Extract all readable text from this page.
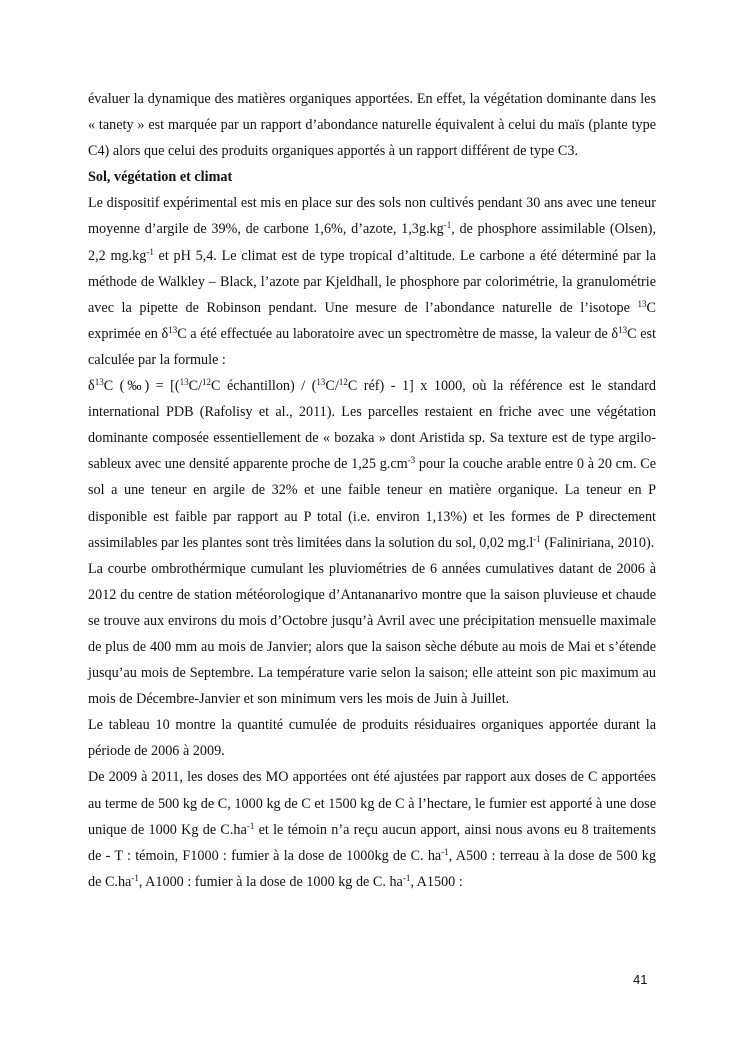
évaluer la dynamique des matières organiques apportées. En effet, la végétation dominante dans les « tanety » est marquée par un rapport d’abondance naturelle équivalent à celui du maïs (plante type C4) alors que celui des produits organiques apportés à un rapport différent de type C3.

Sol, végétation et climat

Le dispositif expérimental est mis en place sur des sols non cultivés pendant 30 ans avec une teneur moyenne d’argile de 39%, de carbone 1,6%, d’azote, $1,3g.kg^{-1}$, de phosphore assimilable (Olsen), 2,2 $mg.kg^{-1}$ et pH 5,4. Le climat est de type tropical d’altitude. Le carbone a été déterminé par la méthode de Walkley – Black, l’azote par Kjeldhall, le phosphore par colorimétrie, la granulométrie avec la pipette de Robinson pendant. Une mesure de l’abondance naturelle de l’isotope $^{13}$C exprimée en $\delta^{13}C$ a été effectuée au laboratoire avec un spectromètre de masse, la valeur de $\delta^{13}C$ est calculée par la formule :

$\delta^{13}C$ (‰) = [($^{13}$C/$^{12}$C échantillon) / ($^{13}$C/$^{12}$C réf) - 1] x 1000, où la référence est le standard international PDB (Rafolisy et al., 2011). Les parcelles restaient en friche avec une végétation dominante composée essentiellement de « bozaka » dont Aristida sp. Sa texture est de type argilo-sableux avec une densité apparente proche de 1,25 $g.cm^{-3}$ pour la couche arable entre 0 à 20 cm. Ce sol a une teneur en argile de 32% et une faible teneur en matière organique. La teneur en P disponible est faible par rapport au P total (i.e. environ 1,13%) et les formes de P directement assimilables par les plantes sont très limitées dans la solution du sol, 0,02 $mg.l^{-1}$ (Faliniriana, 2010).

La courbe ombrothérmique cumulant les pluviométries de 6 années cumulatives datant de 2006 à 2012 du centre de station météorologique d’Antananarivo montre que la saison pluvieuse et chaude se trouve aux environs du mois d’Octobre jusqu’à Avril avec une précipitation mensuelle maximale de plus de 400 mm au mois de Janvier; alors que la saison sèche débute au mois de Mai et s’étende jusqu’au mois de Septembre. La température varie selon la saison; elle atteint son pic maximum au mois de Décembre-Janvier et son minimum vers les mois de Juin à Juillet.

Le tableau 10 montre la quantité cumulée de produits résiduaires organiques apportée durant la période de 2006 à 2009.

De 2009 à 2011, les doses des MO apportées ont été ajustées par rapport aux doses de C apportées au terme de 500 kg de C, 1000 kg de C et 1500 kg de C à l’hectare, le fumier est apporté à une dose unique de 1000 Kg de $C.ha^{-1}$ et le témoin n’a reçu aucun apport, ainsi nous avons eu 8 traitements de - T : témoin, F1000 : fumier à la dose de 1000kg de C. $ha^{-1}$, A500 : terreau à la dose de 500 kg de $C.ha^{-1}$, A1000 : fumier à la dose de 1000 kg de C. $ha^{-1}$, A1500 :

41
